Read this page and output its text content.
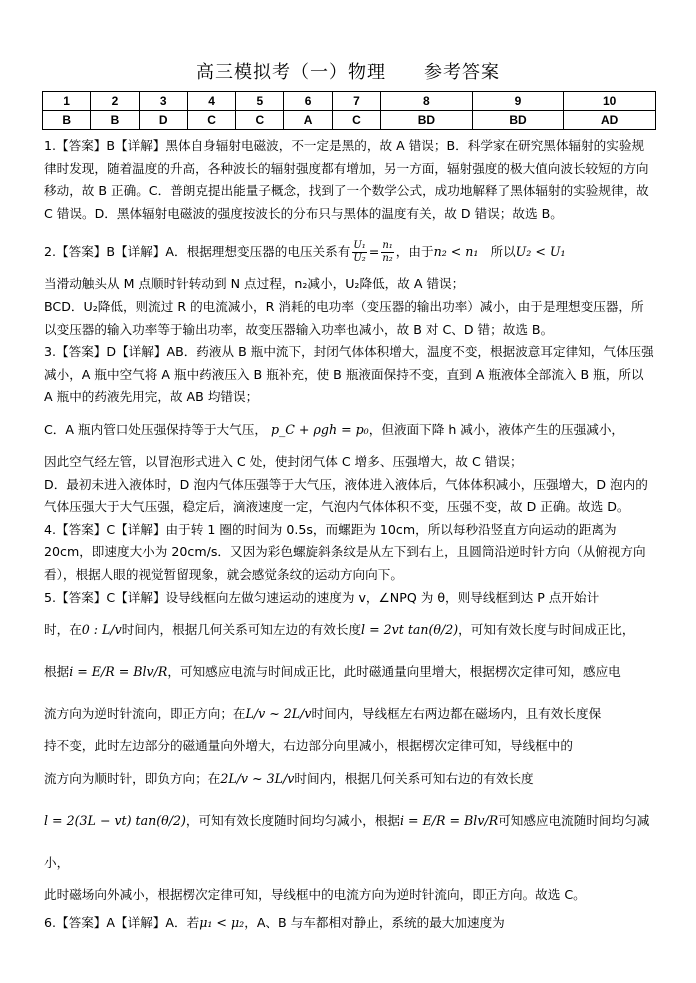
高三模拟考（一）物理 参考答案
1	2	3	4	5	6	7	8	9	10
B	B	D	C	C	A	C	BD	BD	AD

1.【答案】B【详解】黑体自身辐射电磁波，不一定是黑的，故 A 错误；B．科学家在研究黑体辐射的实验规律时发现，随着温度的升高，各种波长的辐射强度都有增加，另一方面，辐射强度的极大值向波长较短的方向移动，故 B 正确。C．普朗克提出能量子概念，找到了一个数学公式，成功地解释了黑体辐射的实验规律，故 C 错误。D．黑体辐射电磁波的强度按波长的分布只与黑体的温度有关，故 D 错误；故选 B。

2.【答案】B【详解】A．根据理想变压器的电压关系有 $\frac{\text{U₁}}{\text{U₂}} = \frac{\text{n₁}}{\text{n₂}}$ ，由于n₂ < n₁ 所以U₂ < U₁

当滑动触头从 M 点顺时针转动到 N 点过程，n₂减小，U₂降低，故 A 错误；

BCD．U₂降低，则流过 R 的电流减小，R 消耗的电功率（变压器的输出功率）减小，由于是理想变压器，所以变压器的输入功率等于输出功率，故变压器输入功率也减小，故 B 对 C、D 错；故选 B。

3.【答案】D【详解】AB．药液从 B 瓶中流下，封闭气体体积增大，温度不变，根据波意耳定律知，气体压强减小，A 瓶中空气将 A 瓶中药液压入 B 瓶补充，使 B 瓶液面保持不变，直到 A 瓶液体全部流入 B 瓶，所以 A 瓶中的药液先用完，故 AB 均错误；

C．A 瓶内管口处压强保持等于大气压， p_C + ρgh = p₀，但液面下降 h 减小，液体产生的压强减小，

因此空气经左管，以冒泡形式进入 C 处，使封闭气体 C 增多、压强增大，故 C 错误；

D．最初未进入液体时，D 泡内气体压强等于大气压，液体进入液体后，气体体积减小，压强增大，D 泡内的气体压强大于大气压强，稳定后，滴液速度一定，气泡内气体体积不变，压强不变，故 D 正确。故选 D。

4.【答案】C【详解】由于转 1 圈的时间为 0.5s，而螺距为 10cm，所以每秒沿竖直方向运动的距离为 20cm，即速度大小为 20cm/s．又因为彩色螺旋斜条纹是从左下到右上，且圆筒沿逆时针方向（从俯视方向看），根据人眼的视觉暂留现象，就会感觉条纹的运动方向向下。

5.【答案】C【详解】设导线框向左做匀速运动的速度为 v，∠NPQ 为 θ，则导线框到达 P 点开始计

时，在0 : L/v时间内，根据几何关系可知左边的有效长度l = 2vt tan(θ/2)，可知有效长度与时间成正比，

根据i = E/R = Blv/R，可知感应电流与时间成正比，此时磁通量向里增大，根据楞次定律可知，感应电

流方向为逆时针流向，即正方向；在L/v ~ 2L/v时间内，导线框左右两边都在磁场内，且有效长度保

持不变，此时左边部分的磁通量向外增大，右边部分向里减小，根据楞次定律可知，导线框中的

流方向为顺时针，即负方向；在2L/v ~ 3L/v时间内，根据几何关系可知右边的有效长度

l = 2(3L − vt) tan(θ/2)，可知有效长度随时间均匀减小，根据i = E/R = Blv/R可知感应电流随时间均匀减小，

此时磁场向外减小，根据楞次定律可知，导线框中的电流方向为逆时针流向，即正方向。故选 C。

6.【答案】A【详解】A．若μ₁ < μ₂，A、B 与车都相对静止，系统的最大加速度为
